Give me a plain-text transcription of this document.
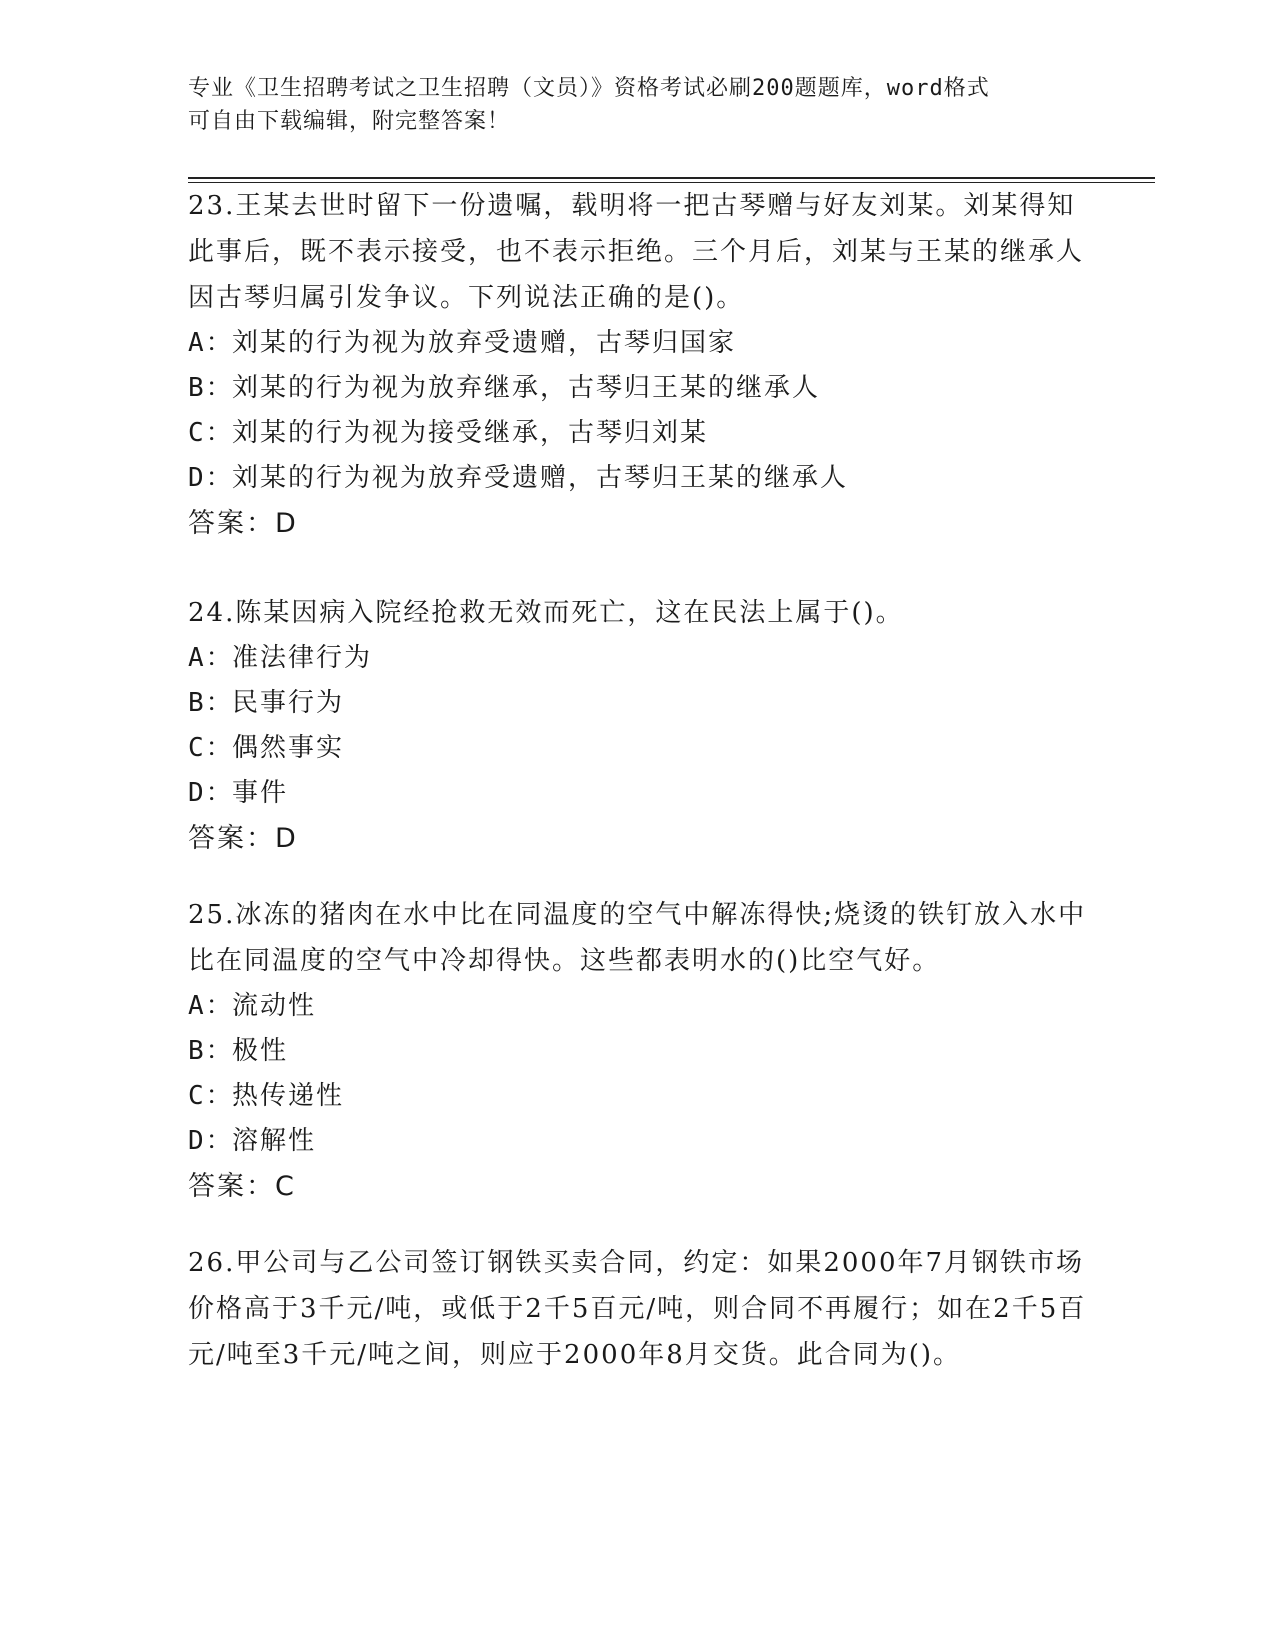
专业《卫生招聘考试之卫生招聘（文员）》资格考试必刷200题题库，word格式
可自由下载编辑，附完整答案！
23.王某去世时留下一份遗嘱，载明将一把古琴赠与好友刘某。刘某得知此事后，既不表示接受，也不表示拒绝。三个月后，刘某与王某的继承人因古琴归属引发争议。下列说法正确的是()。
A：刘某的行为视为放弃受遗赠，古琴归国家
B：刘某的行为视为放弃继承，古琴归王某的继承人
C：刘某的行为视为接受继承，古琴归刘某
D：刘某的行为视为放弃受遗赠，古琴归王某的继承人
答案：D
24.陈某因病入院经抢救无效而死亡，这在民法上属于()。
A：准法律行为
B：民事行为
C：偶然事实
D：事件
答案：D
25.冰冻的猪肉在水中比在同温度的空气中解冻得快;烧烫的铁钉放入水中比在同温度的空气中冷却得快。这些都表明水的()比空气好。
A：流动性
B：极性
C：热传递性
D：溶解性
答案：C
26.甲公司与乙公司签订钢铁买卖合同，约定：如果2000年7月钢铁市场价格高于3千元/吨，或低于2千5百元/吨，则合同不再履行；如在2千5百元/吨至3千元/吨之间，则应于2000年8月交货。此合同为()。
